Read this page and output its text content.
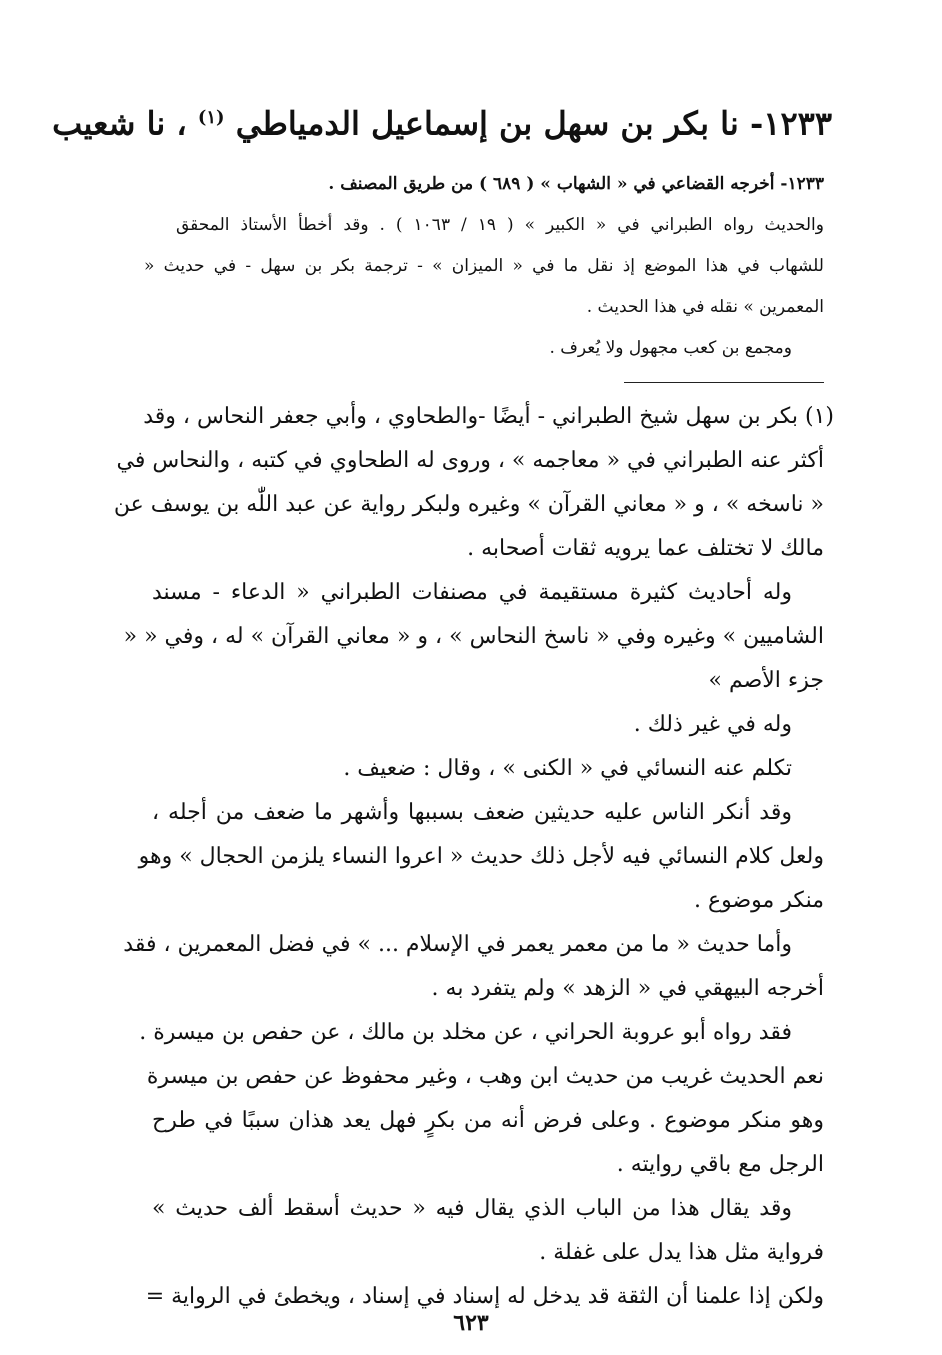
١٢٣٣- نا بكر بن سهل بن إسماعيل الدمياطي $^{(١)}$ ، نا شعيب
١٢٣٣- أخرجه القضاعي في « الشهاب » ( ٦٨٩ ) من طريق المصنف .
والحديث رواه الطبراني في « الكبير » ( ١٩ / ١٠٦٣ ) . وقد أخطأ الأستاذ المحقق
للشهاب في هذا الموضع إذ نقل ما في « الميزان » - ترجمة بكر بن سهل - في حديث «
المعمرين » نقله في هذا الحديث .
ومجمع بن كعب مجهول ولا يُعرف .
(١) بكر بن سهل شيخ الطبراني - أيضًا -والطحاوي ، وأبي جعفر النحاس ، وقد
أكثر عنه الطبراني في « معاجمه » ، وروى له الطحاوي في كتبه ، والنحاس في
« ناسخه » ، و « معاني القرآن » وغيره ولبكر رواية عن عبد اللّٰه بن يوسف عن
مالك لا تختلف عما يرويه ثقات أصحابه .
وله أحاديث كثيرة مستقيمة في مصنفات الطبراني « الدعاء - مسند
الشاميين » وغيره وفي « ناسخ النحاس » ، و « معاني القرآن » له ، وفي « «
جزء الأصم »
وله في غير ذلك .
تكلم عنه النسائي في « الكنى » ، وقال : ضعيف .
وقد أنكر الناس عليه حديثين ضعف بسببها وأشهر ما ضعف من أجله ،
ولعل كلام النسائي فيه لأجل ذلك حديث « اعروا النساء يلزمن الحجال » وهو
منكر موضوع .
وأما حديث « ما من معمر يعمر في الإسلام ... » في فضل المعمرين ، فقد
أخرجه البيهقي في « الزهد » ولم يتفرد به .
فقد رواه أبو عروبة الحراني ، عن مخلد بن مالك ، عن حفص بن ميسرة .
نعم الحديث غريب من حديث ابن وهب ، وغير محفوظ عن حفص بن ميسرة
وهو منكر موضوع . وعلى فرض أنه من بكرٍ فهل يعد هذان سببًا في طرح
الرجل مع باقي روايته .
وقد يقال هذا من الباب الذي يقال فيه « حديث أسقط ألف حديث »
فرواية مثل هذا يدل على غفلة .
ولكن إذا علمنا أن الثقة قد يدخل له إسناد في إسناد ، ويخطئ في الرواية =
٦٢٣
